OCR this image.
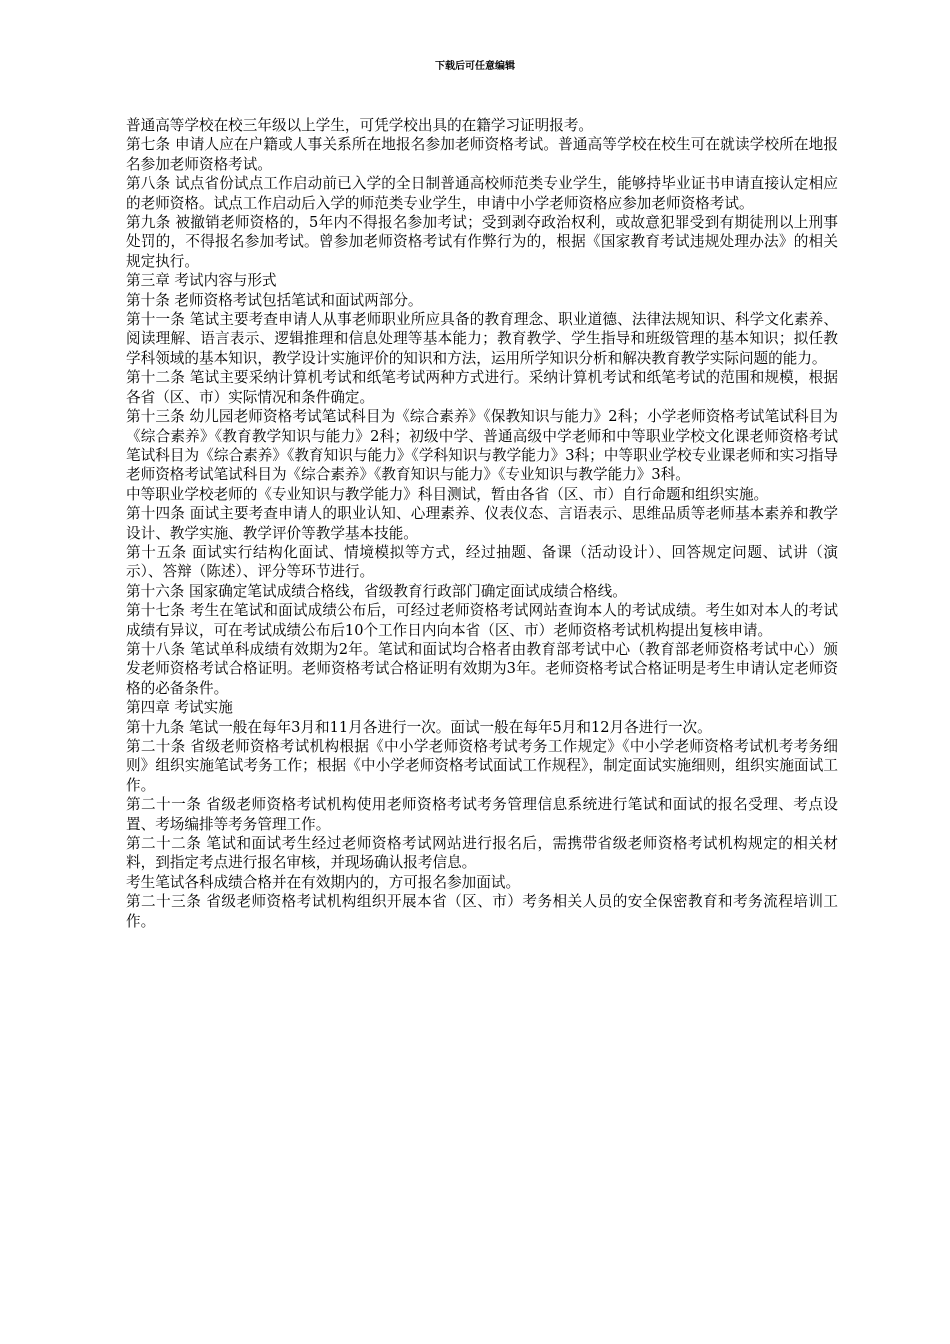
下载后可任意编辑

普通高等学校在校三年级以上学生，可凭学校出具的在籍学习证明报考。

第七条 申请人应在户籍或人事关系所在地报名参加老师资格考试。普通高等学校在校生可在就读学校所在地报名参加老师资格考试。

第八条 试点省份试点工作启动前已入学的全日制普通高校师范类专业学生，能够持毕业证书申请直接认定相应的老师资格。试点工作启动后入学的师范类专业学生，申请中小学老师资格应参加老师资格考试。

第九条 被撤销老师资格的，5年内不得报名参加考试；受到剥夺政治权利，或故意犯罪受到有期徒刑以上刑事处罚的，不得报名参加考试。曾参加老师资格考试有作弊行为的，根据《国家教育考试违规处理办法》的相关规定执行。

第三章 考试内容与形式

第十条 老师资格考试包括笔试和面试两部分。

第十一条 笔试主要考查申请人从事老师职业所应具备的教育理念、职业道德、法律法规知识、科学文化素养、阅读理解、语言表示、逻辑推理和信息处理等基本能力；教育教学、学生指导和班级管理的基本知识；拟任教学科领域的基本知识，教学设计实施评价的知识和方法，运用所学知识分析和解决教育教学实际问题的能力。

第十二条 笔试主要采纳计算机考试和纸笔考试两种方式进行。采纳计算机考试和纸笔考试的范围和规模，根据各省（区、市）实际情况和条件确定。

第十三条 幼儿园老师资格考试笔试科目为《综合素养》《保教知识与能力》2科；小学老师资格考试笔试科目为《综合素养》《教育教学知识与能力》2科；初级中学、普通高级中学老师和中等职业学校文化课老师资格考试笔试科目为《综合素养》《教育知识与能力》《学科知识与教学能力》3科；中等职业学校专业课老师和实习指导老师资格考试笔试科目为《综合素养》《教育知识与能力》《专业知识与教学能力》3科。

中等职业学校老师的《专业知识与教学能力》科目测试，暂由各省（区、市）自行命题和组织实施。

第十四条 面试主要考查申请人的职业认知、心理素养、仪表仪态、言语表示、思维品质等老师基本素养和教学设计、教学实施、教学评价等教学基本技能。

第十五条 面试实行结构化面试、情境模拟等方式，经过抽题、备课（活动设计）、回答规定问题、试讲（演示）、答辩（陈述）、评分等环节进行。

第十六条 国家确定笔试成绩合格线，省级教育行政部门确定面试成绩合格线。

第十七条 考生在笔试和面试成绩公布后，可经过老师资格考试网站查询本人的考试成绩。考生如对本人的考试成绩有异议，可在考试成绩公布后10个工作日内向本省（区、市）老师资格考试机构提出复核申请。

第十八条 笔试单科成绩有效期为2年。笔试和面试均合格者由教育部考试中心（教育部老师资格考试中心）颁发老师资格考试合格证明。老师资格考试合格证明有效期为3年。老师资格考试合格证明是考生申请认定老师资格的必备条件。

第四章 考试实施

第十九条 笔试一般在每年3月和11月各进行一次。面试一般在每年5月和12月各进行一次。

第二十条 省级老师资格考试机构根据《中小学老师资格考试考务工作规定》《中小学老师资格考试机考考务细则》组织实施笔试考务工作；根据《中小学老师资格考试面试工作规程》，制定面试实施细则，组织实施面试工作。

第二十一条 省级老师资格考试机构使用老师资格考试考务管理信息系统进行笔试和面试的报名受理、考点设置、考场编排等考务管理工作。

第二十二条 笔试和面试考生经过老师资格考试网站进行报名后，需携带省级老师资格考试机构规定的相关材料，到指定考点进行报名审核，并现场确认报考信息。

考生笔试各科成绩合格并在有效期内的，方可报名参加面试。

第二十三条 省级老师资格考试机构组织开展本省（区、市）考务相关人员的安全保密教育和考务流程培训工作。
